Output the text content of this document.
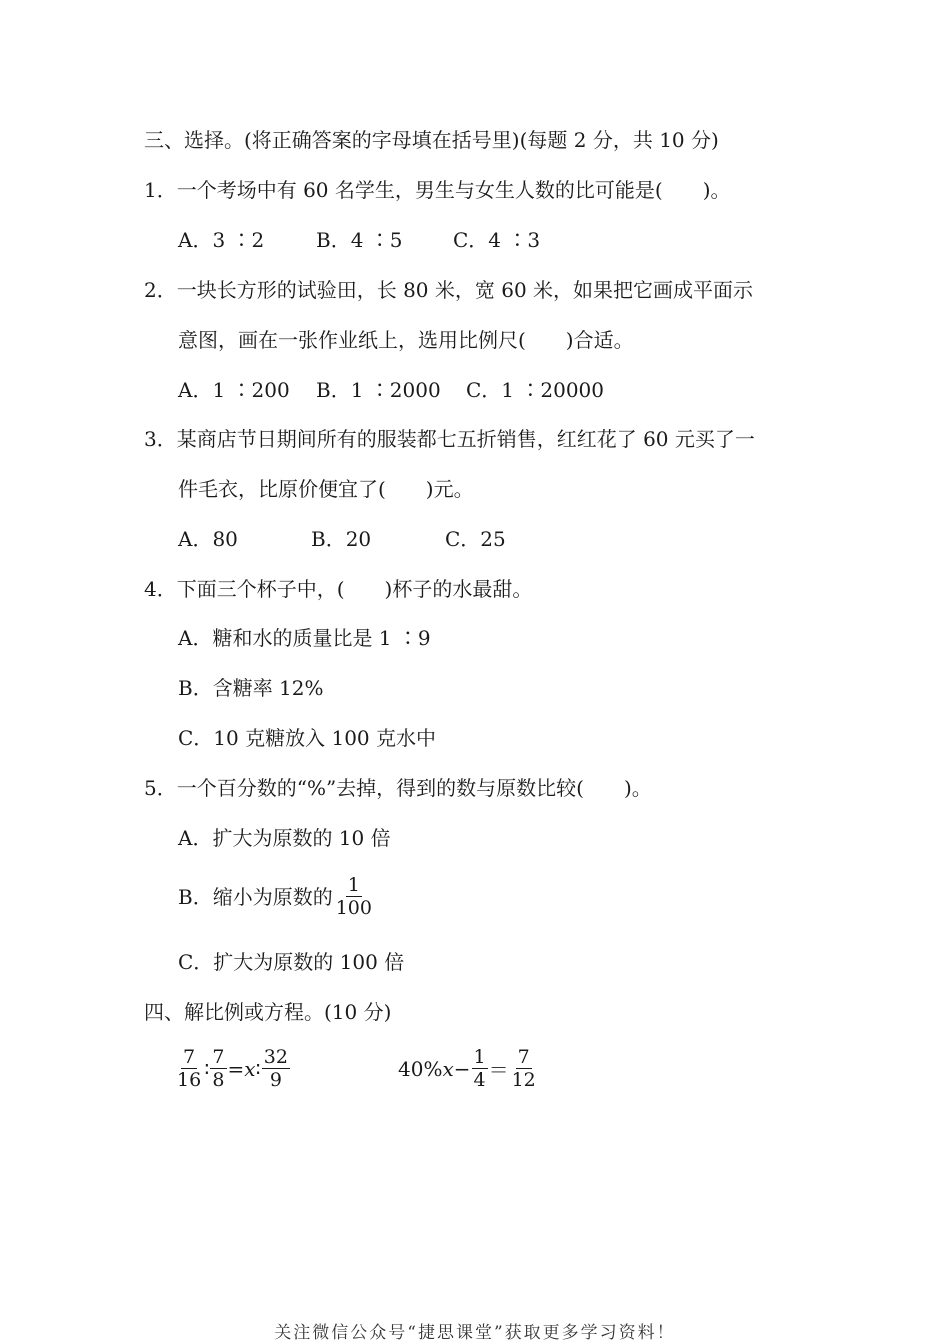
三、选择。(将正确答案的字母填在括号里)(每题 2 分，共 10 分)
1．一个考场中有 60 名学生，男生与女生人数的比可能是(　　)。
A．3 ∶2	B．4 ∶5	C．4 ∶3
2．一块长方形的试验田，长 80 米，宽 60 米，如果把它画成平面示
意图，画在一张作业纸上，选用比例尺(　　)合适。
A．1 ∶200 B．1 ∶2000 C．1 ∶20000
3．某商店节日期间所有的服装都七五折销售，红红花了 60 元买了一
件毛衣，比原价便宜了(　　)元。
A．80	B．20	C．25
4．下面三个杯子中，(　　)杯子的水最甜。
A．糖和水的质量比是 1 ∶9
B．含糖率 12%
C．10 克糖放入 100 克水中
5．一个百分数的“%”去掉，得到的数与原数比较(　　)。
A．扩大为原数的 10 倍
B．缩小为原数的 $\frac{1}{100}$
C．扩大为原数的 100 倍
四、解比例或方程。(10 分)
$\frac{7}{16}$ ∶ $\frac{7}{8} = x$ ∶ $\frac{32}{9}$	40% $x - \frac{1}{4} = \frac{7}{12}$
关注微信公众号“捷思课堂”获取更多学习资料！
